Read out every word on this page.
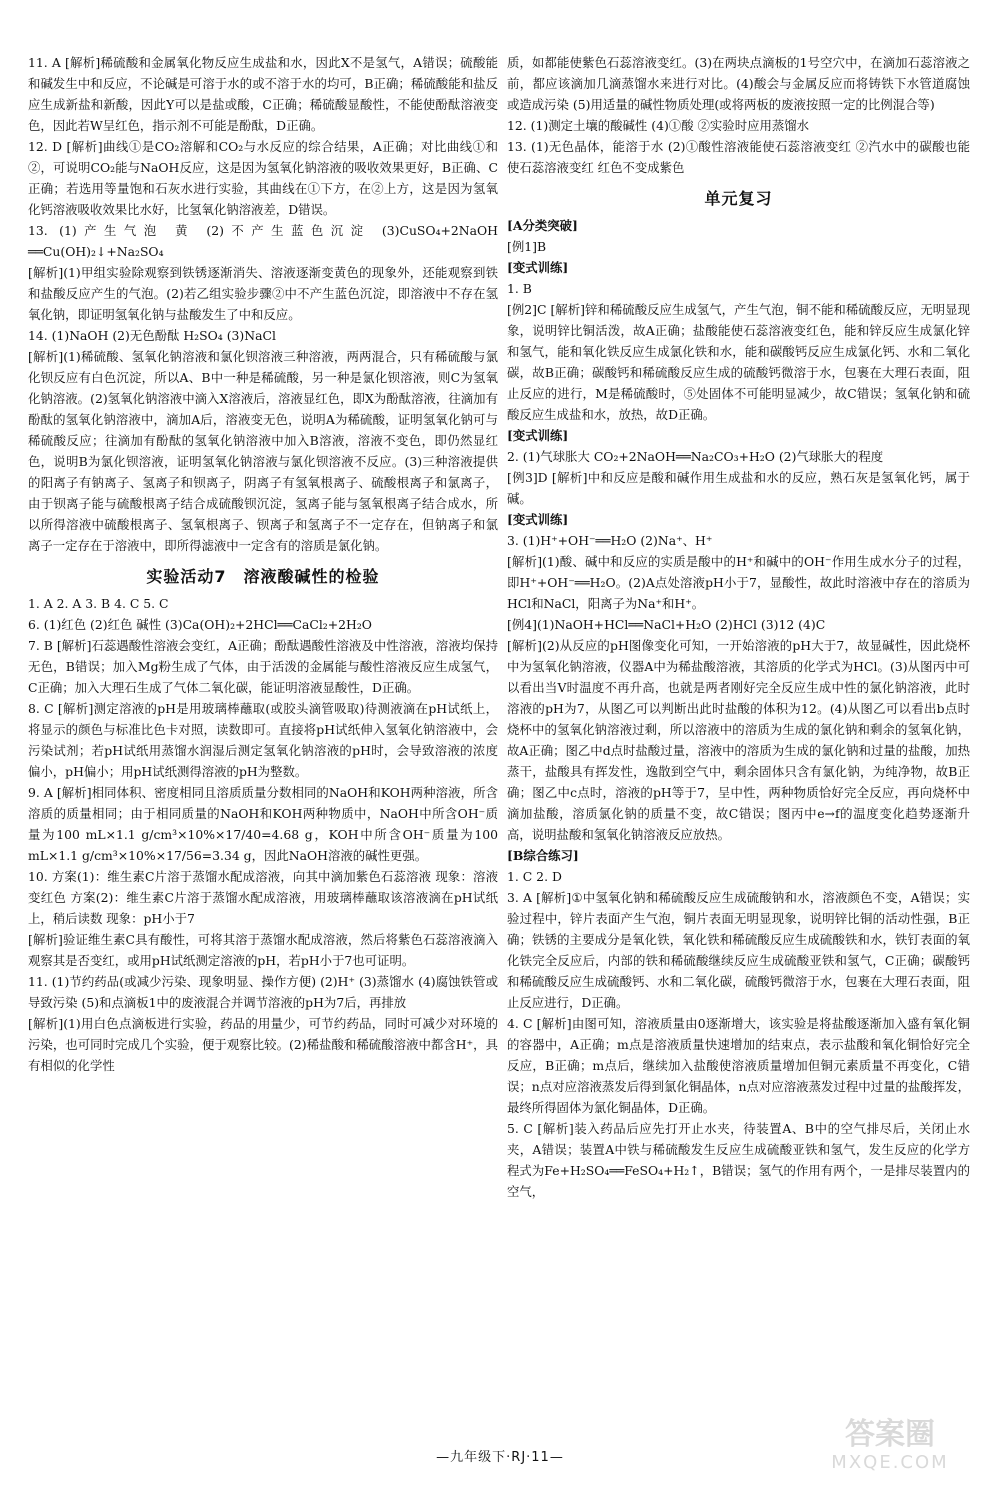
11. A [解析]稀硫酸和金属氧化物反应生成盐和水，因此X不是氢气，A错误；硫酸能和碱发生中和反应，不论碱是可溶于水的或不溶于水的均可，B正确；稀硫酸能和盐反应生成新盐和新酸，因此Y可以是盐或酸，C正确；稀硫酸显酸性，不能使酚酞溶液变色，因此若W呈红色，指示剂不可能是酚酞，D正确。
12. D [解析]曲线①是CO₂溶解和CO₂与水反应的综合结果，A正确；对比曲线①和②，可说明CO₂能与NaOH反应，这是因为氢氧化钠溶液的吸收效果更好，B正确、C正确；若选用等量饱和石灰水进行实验，其曲线在①下方，在②上方，这是因为氢氧化钙溶液吸收效果比水好，比氢氧化钠溶液差，D错误。
13. (1)产生气泡 黄 (2)不产生蓝色沉淀 (3)CuSO₄+2NaOH ══Cu(OH)₂↓+Na₂SO₄
[解析](1)甲组实验除观察到铁锈逐渐消失、溶液逐渐变黄色的现象外，还能观察到铁和盐酸反应产生的气泡。(2)若乙组实验步骤②中不产生蓝色沉淀，即溶液中不存在氢氧化钠，即证明氢氧化钠与盐酸发生了中和反应。
14. (1)NaOH (2)无色酚酞 H₂SO₄ (3)NaCl
[解析](1)稀硫酸、氢氧化钠溶液和氯化钡溶液三种溶液，两两混合，只有稀硫酸与氯化钡反应有白色沉淀，所以A、B中一种是稀硫酸，另一种是氯化钡溶液，则C为氢氧化钠溶液。(2)氢氧化钠溶液中滴入X溶液后，溶液显红色，即X为酚酞溶液，往滴加有酚酞的氢氧化钠溶液中，滴加A后，溶液变无色，说明A为稀硫酸，证明氢氧化钠可与稀硫酸反应；往滴加有酚酞的氢氧化钠溶液中加入B溶液，溶液不变色，即仍然显红色，说明B为氯化钡溶液，证明氢氧化钠溶液与氯化钡溶液不反应。(3)三种溶液提供的阳离子有钠离子、氢离子和钡离子，阴离子有氢氧根离子、硫酸根离子和氯离子，由于钡离子能与硫酸根离子结合成硫酸钡沉淀，氢离子能与氢氧根离子结合成水，所以所得溶液中硫酸根离子、氢氧根离子、钡离子和氢离子不一定存在，但钠离子和氯离子一定存在于溶液中，即所得滤液中一定含有的溶质是氯化钠。
实验活动7　溶液酸碱性的检验
1. A 2. A 3. B 4. C 5. C
6. (1)红色 (2)红色 碱性 (3)Ca(OH)₂+2HCl══CaCl₂+2H₂O
7. B [解析]石蕊遇酸性溶液会变红，A正确；酚酞遇酸性溶液及中性溶液，溶液均保持无色，B错误；加入Mg粉生成了气体，由于活泼的金属能与酸性溶液反应生成氢气，C正确；加入大理石生成了气体二氧化碳，能证明溶液显酸性，D正确。
8. C [解析]测定溶液的pH是用玻璃棒蘸取(或胶头滴管吸取)待测液滴在pH试纸上，将显示的颜色与标准比色卡对照，读数即可。直接将pH试纸伸入氢氧化钠溶液中，会污染试剂；若pH试纸用蒸馏水润湿后测定氢氧化钠溶液的pH时，会导致溶液的浓度偏小，pH偏小；用pH试纸测得溶液的pH为整数。
9. A [解析]相同体积、密度相同且溶质质量分数相同的NaOH和KOH两种溶液，所含溶质的质量相同；由于相同质量的NaOH和KOH两种物质中，NaOH中所含OH⁻质量为100 mL×1.1 g/cm³×10%×17/40=4.68 g，KOH中所含OH⁻质量为100 mL×1.1 g/cm³×10%×17/56=3.34 g，因此NaOH溶液的碱性更强。
10. 方案(1)：维生素C片溶于蒸馏水配成溶液，向其中滴加紫色石蕊溶液 现象：溶液变红色 方案(2)：维生素C片溶于蒸馏水配成溶液，用玻璃棒蘸取该溶液滴在pH试纸上，稍后读数 现象：pH小于7
[解析]验证维生素C具有酸性，可将其溶于蒸馏水配成溶液，然后将紫色石蕊溶液滴入观察其是否变红，或用pH试纸测定溶液的pH，若pH小于7也可证明。
11. (1)节约药品(或减少污染、现象明显、操作方便) (2)H⁺ (3)蒸馏水 (4)腐蚀铁管或导致污染 (5)和点滴板1中的废液混合并调节溶液的pH为7后，再排放
[解析](1)用白色点滴板进行实验，药品的用量少，可节约药品，同时可减少对环境的污染，也可同时完成几个实验，便于观察比较。(2)稀盐酸和稀硫酸溶液中都含H⁺，具有相似的化学性
质，如都能使紫色石蕊溶液变红。(3)在两块点滴板的1号空穴中，在滴加石蕊溶液之前，都应该滴加几滴蒸馏水来进行对比。(4)酸会与金属反应而将铸铁下水管道腐蚀或造成污染 (5)用适量的碱性物质处理(或将两板的废液按照一定的比例混合等)
12. (1)测定土壤的酸碱性 (4)①酸 ②实验时应用蒸馏水
13. (1)无色晶体，能溶于水 (2)①酸性溶液能使石蕊溶液变红 ②汽水中的碳酸也能使石蕊溶液变红 红色不变成紫色
单元复习
[A分类突破]
[例1]B
[变式训练]
1. B
[例2]C [解析]锌和稀硫酸反应生成氢气，产生气泡，铜不能和稀硫酸反应，无明显现象，说明锌比铜活泼，故A正确；盐酸能使石蕊溶液变红色，能和锌反应生成氯化锌和氢气，能和氧化铁反应生成氯化铁和水，能和碳酸钙反应生成氯化钙、水和二氧化碳，故B正确；碳酸钙和稀硫酸反应生成的硫酸钙微溶于水，包裹在大理石表面，阻止反应的进行，M是稀硫酸时，⑤处固体不可能明显减少，故C错误；氢氧化钠和硫酸反应生成盐和水，放热，故D正确。
[变式训练]
2. (1)气球胀大 CO₂+2NaOH══Na₂CO₃+H₂O (2)气球胀大的程度
[例3]D [解析]中和反应是酸和碱作用生成盐和水的反应，熟石灰是氢氧化钙，属于碱。
[变式训练]
3. (1)H⁺+OH⁻══H₂O (2)Na⁺、H⁺
[解析](1)酸、碱中和反应的实质是酸中的H⁺和碱中的OH⁻作用生成水分子的过程，即H⁺+OH⁻══H₂O。(2)A点处溶液pH小于7，显酸性，故此时溶液中存在的溶质为HCl和NaCl，阳离子为Na⁺和H⁺。
[例4](1)NaOH+HCl══NaCl+H₂O (2)HCl (3)12 (4)C
[解析](2)从反应的pH图像变化可知，一开始溶液的pH大于7，故显碱性，因此烧杯中为氢氧化钠溶液，仪器A中为稀盐酸溶液，其溶质的化学式为HCl。(3)从图丙中可以看出当V时温度不再升高，也就是两者刚好完全反应生成中性的氯化钠溶液，此时溶液的pH为7，从图乙可以判断出此时盐酸的体积为12。(4)从图乙可以看出b点时烧杯中的氢氧化钠溶液过剩，所以溶液中的溶质为生成的氯化钠和剩余的氢氧化钠，故A正确；图乙中d点时盐酸过量，溶液中的溶质为生成的氯化钠和过量的盐酸，加热蒸干，盐酸具有挥发性，逸散到空气中，剩余固体只含有氯化钠，为纯净物，故B正确；图乙中c点时，溶液的pH等于7，呈中性，两种物质恰好完全反应，再向烧杯中滴加盐酸，溶质氯化钠的质量不变，故C错误；图丙中e→f的温度变化趋势逐渐升高，说明盐酸和氢氧化钠溶液反应放热。
[B综合练习]
1. C 2. D
3. A [解析]①中氢氧化钠和稀硫酸反应生成硫酸钠和水，溶液颜色不变，A错误；实验过程中，锌片表面产生气泡，铜片表面无明显现象，说明锌比铜的活动性强，B正确；铁锈的主要成分是氧化铁，氧化铁和稀硫酸反应生成硫酸铁和水，铁钉表面的氧化铁完全反应后，内部的铁和稀硫酸继续反应生成硫酸亚铁和氢气，C正确；碳酸钙和稀硫酸反应生成硫酸钙、水和二氧化碳，硫酸钙微溶于水，包裹在大理石表面，阻止反应进行，D正确。
4. C [解析]由图可知，溶液质量由0逐渐增大，该实验是将盐酸逐渐加入盛有氧化铜的容器中，A正确；m点是溶液质量快速增加的结束点，表示盐酸和氧化铜恰好完全反应，B正确；m点后，继续加入盐酸使溶液质量增加但铜元素质量不再变化，C错误；n点对应溶液蒸发后得到氯化铜晶体，n点对应溶液蒸发过程中过量的盐酸挥发，最终所得固体为氯化铜晶体，D正确。
5. C [解析]装入药品后应先打开止水夹，待装置A、B中的空气排尽后，关闭止水夹，A错误；装置A中铁与稀硫酸发生反应生成硫酸亚铁和氢气，发生反应的化学方程式为Fe+H₂SO₄══FeSO₄+H₂↑，B错误；氢气的作用有两个，一是排尽装置内的空气，
—九年级下·RJ·11—
答案圈
MXQE.COM
